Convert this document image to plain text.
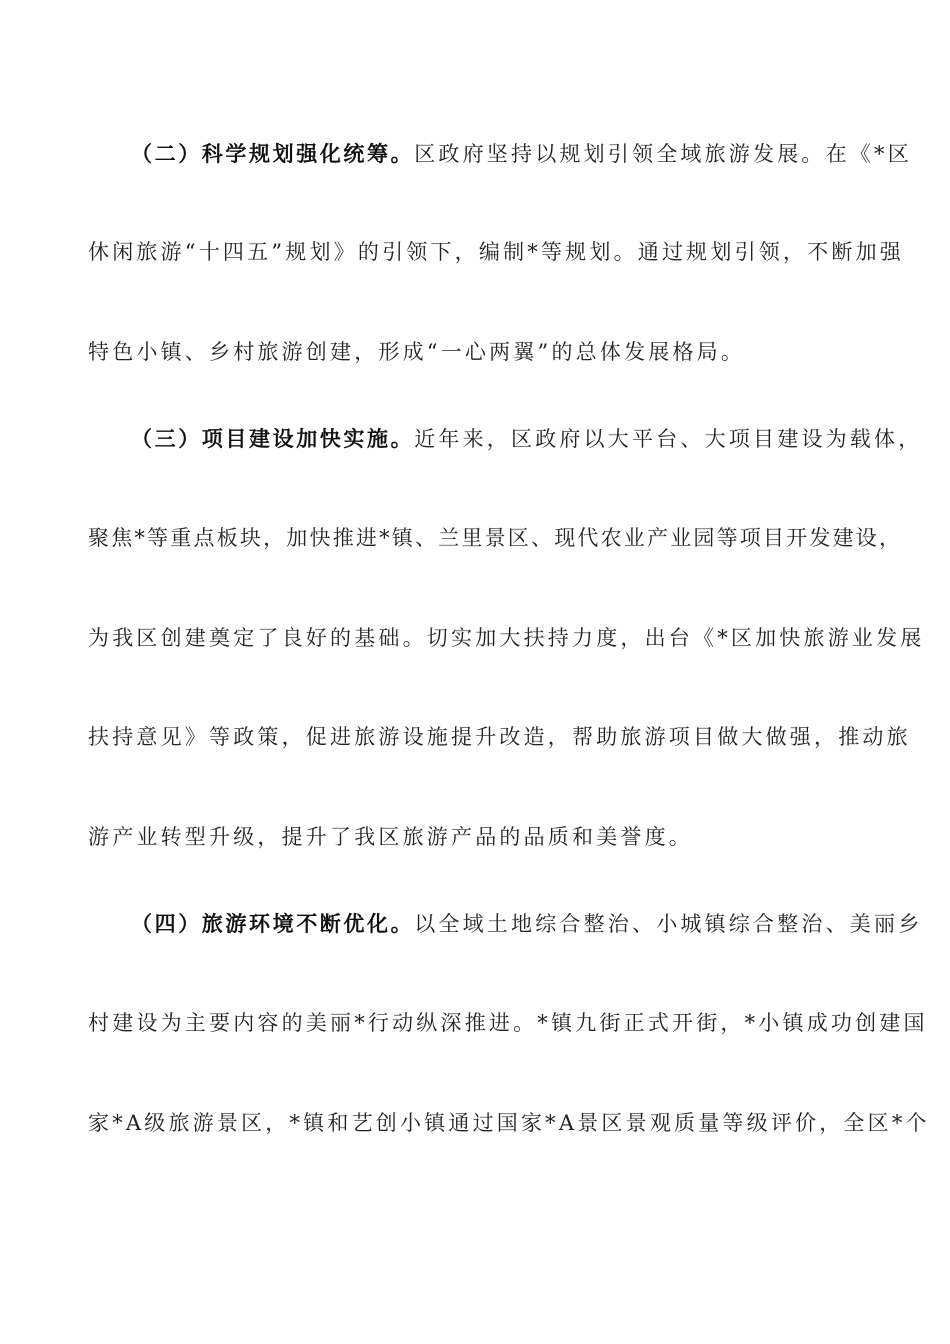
（二）科学规划强化统筹。区政府坚持以规划引领全域旅游发展。在《*区
休闲旅游“十四五”规划》的引领下，编制*等规划。通过规划引领，不断加强
特色小镇、乡村旅游创建，形成“一心两翼”的总体发展格局。
（三）项目建设加快实施。近年来，区政府以大平台、大项目建设为载体，
聚焦*等重点板块，加快推进*镇、兰里景区、现代农业产业园等项目开发建设，
为我区创建奠定了良好的基础。切实加大扶持力度，出台《*区加快旅游业发展
扶持意见》等政策，促进旅游设施提升改造，帮助旅游项目做大做强，推动旅
游产业转型升级，提升了我区旅游产品的品质和美誉度。
（四）旅游环境不断优化。以全域土地综合整治、小城镇综合整治、美丽乡
村建设为主要内容的美丽*行动纵深推进。*镇九街正式开街，*小镇成功创建国
家*A级旅游景区，*镇和艺创小镇通过国家*A景区景观质量等级评价，全区*个
